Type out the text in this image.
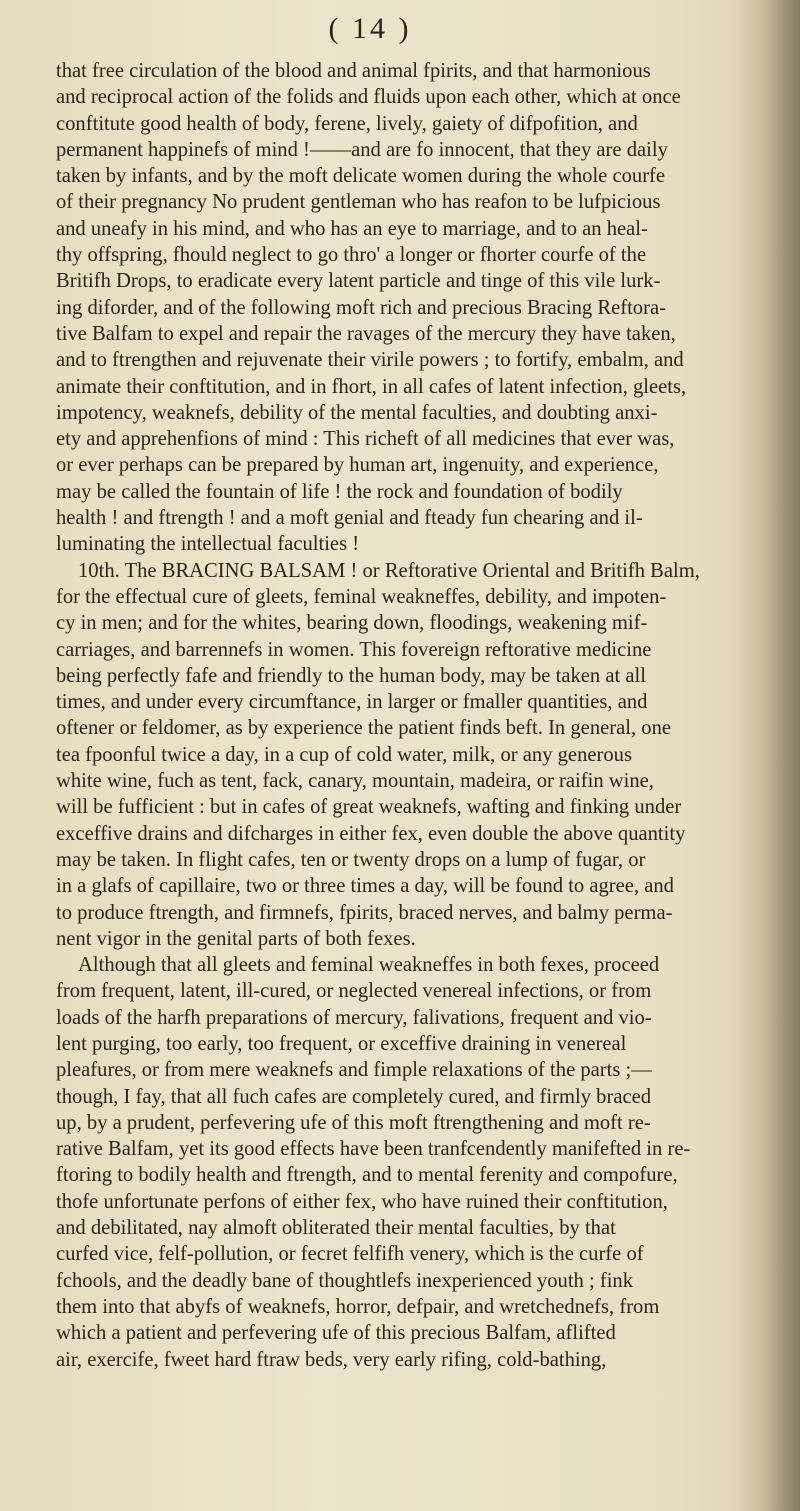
( 14 )
that free circulation of the blood and animal fpirits, and that harmonious
and reciprocal action of the folids and fluids upon each other, which at once
conftitute good health of body, ferene, lively, gaiety of difpofition, and
permanent happinefs of mind !——and are fo innocent, that they are daily
taken by infants, and by the moft delicate women during the whole courfe
of their pregnancy No prudent gentleman who has reafon to be lufpicious
and uneafy in his mind, and who has an eye to marriage, and to an heal-
thy offspring, fhould neglect to go thro' a longer or fhorter courfe of the
Britifh Drops, to eradicate every latent particle and tinge of this vile lurk-
ing diforder, and of the following moft rich and precious Bracing Reftora-
tive Balfam to expel and repair the ravages of the mercury they have taken,
and to ftrengthen and rejuvenate their virile powers ; to fortify, embalm, and
animate their conftitution, and in fhort, in all cafes of latent infection, gleets,
impotency, weaknefs, debility of the mental faculties, and doubting anxi-
ety and apprehenfions of mind : This richeft of all medicines that ever was,
or ever perhaps can be prepared by human art, ingenuity, and experience,
may be called the fountain of life ! the rock and foundation of bodily
health ! and ftrength ! and a moft genial and fteady fun chearing and il-
luminating the intellectual faculties !
10th. The BRACING BALSAM ! or Reftorative Oriental and Britifh Balm,
for the effectual cure of gleets, feminal weakneffes, debility, and impoten-
cy in men; and for the whites, bearing down, floodings, weakening mif-
carriages, and barrennefs in women. This fovereign reftorative medicine
being perfectly fafe and friendly to the human body, may be taken at all
times, and under every circumftance, in larger or fmaller quantities, and
oftener or feldomer, as by experience the patient finds beft. In general, one
tea fpoonful twice a day, in a cup of cold water, milk, or any generous
white wine, fuch as tent, fack, canary, mountain, madeira, or raifin wine,
will be fufficient : but in cafes of great weaknefs, wafting and finking under
exceffive drains and difcharges in either fex, even double the above quantity
may be taken. In flight cafes, ten or twenty drops on a lump of fugar, or
in a glafs of capillaire, two or three times a day, will be found to agree, and
to produce ftrength, and firmnefs, fpirits, braced nerves, and balmy perma-
nent vigor in the genital parts of both fexes.
Although that all gleets and feminal weakneffes in both fexes, proceed
from frequent, latent, ill-cured, or neglected venereal infections, or from
loads of the harfh preparations of mercury, falivations, frequent and vio-
lent purging, too early, too frequent, or exceffive draining in venereal
pleafures, or from mere weaknefs and fimple relaxations of the parts ;—
though, I fay, that all fuch cafes are completely cured, and firmly braced
up, by a prudent, perfevering ufe of this moft ftrengthening and moft re-
rative Balfam, yet its good effects have been tranfcendently manifefted in re-
ftoring to bodily health and ftrength, and to mental ferenity and compofure,
thofe unfortunate perfons of either fex, who have ruined their conftitution,
and debilitated, nay almoft obliterated their mental faculties, by that
curfed vice, felf-pollution, or fecret felfifh venery, which is the curfe of
fchools, and the deadly bane of thoughtlefs inexperienced youth ; fink
them into that abyfs of weaknefs, horror, defpair, and wretchednefs, from
which a patient and perfevering ufe of this precious Balfam, aflifted
air, exercife, fweet hard ftraw beds, very early rifing, cold-bathing,
